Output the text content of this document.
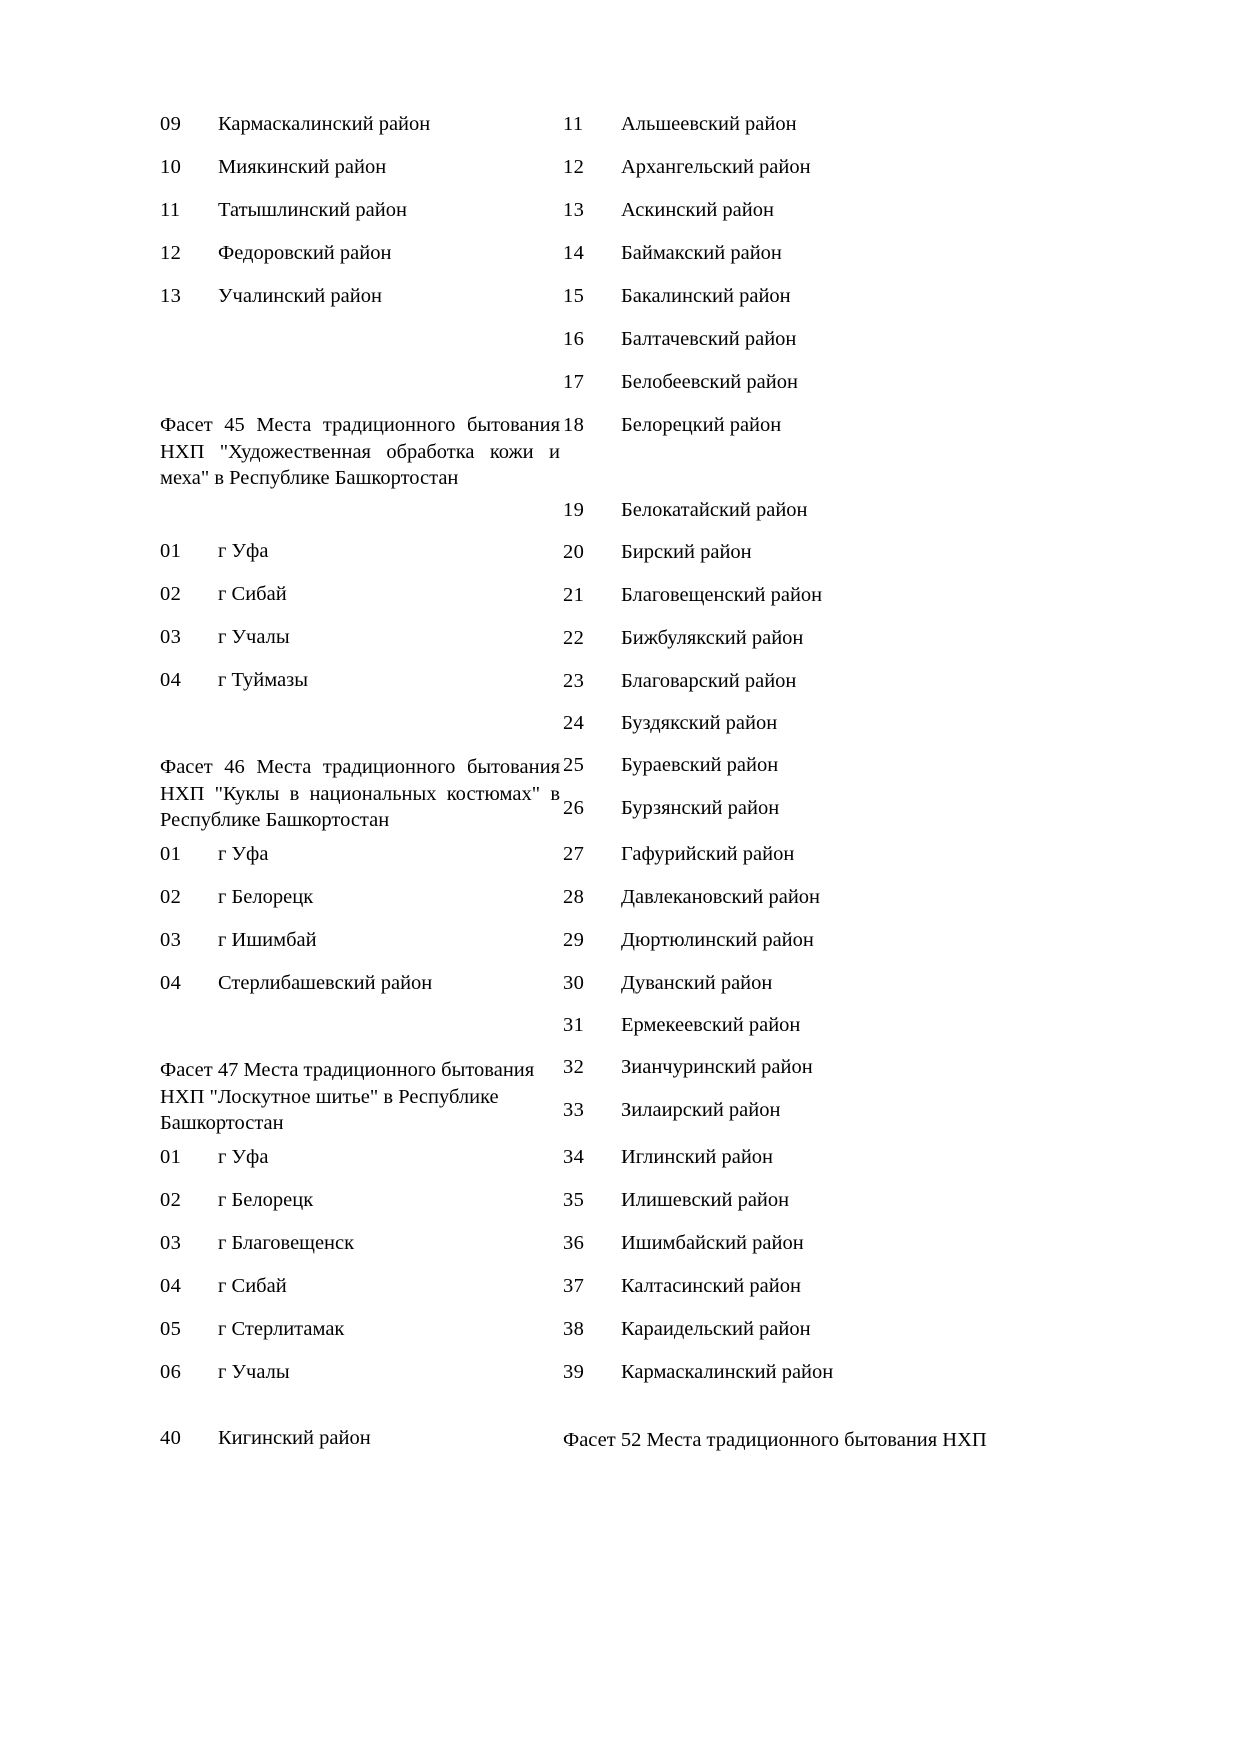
09	Кармаскалинский район
10	Миякинский район
11	Татышлинский район
12	Федоровский район
13	Учалинский район
Фасет 45 Места традиционного бытования НХП "Художественная обработка кожи и меха" в Республике Башкортостан
01	г Уфа
02	г Сибай
03	г Учалы
04	г Туймазы
Фасет 46 Места традиционного бытования НХП "Куклы в национальных костюмах" в Республике Башкортостан
01	г Уфа
02	г Белорецк
03	г Ишимбай
04	Стерлибашевский район
Фасет 47 Места традиционного бытования НХП "Лоскутное шитье" в Республике Башкортостан
01	г Уфа
02	г Белорецк
03	г Благовещенск
04	г Сибай
05	г Стерлитамак
06	г Учалы
40	Кигинский район
11	Альшеевский район
12	Архангельский район
13	Аскинский район
14	Баймакский район
15	Бакалинский район
16	Балтачевский район
17	Белобеевский район
18	Белорецкий район
19	Белокатайский район
20	Бирский район
21	Благовещенский район
22	Бижбулякский район
23	Благоварский район
24	Буздякский район
25	Бураевский район
26	Бурзянский район
27	Гафурийский район
28	Давлекановский район
29	Дюртюлинский район
30	Дуванский район
31	Ермекеевский район
32	Зианчуринский район
33	Зилаирский район
34	Иглинский район
35	Илишевский район
36	Ишимбайский район
37	Калтасинский район
38	Караидельский район
39	Кармаскалинский район
Фасет 52 Места традиционного бытования НХП
